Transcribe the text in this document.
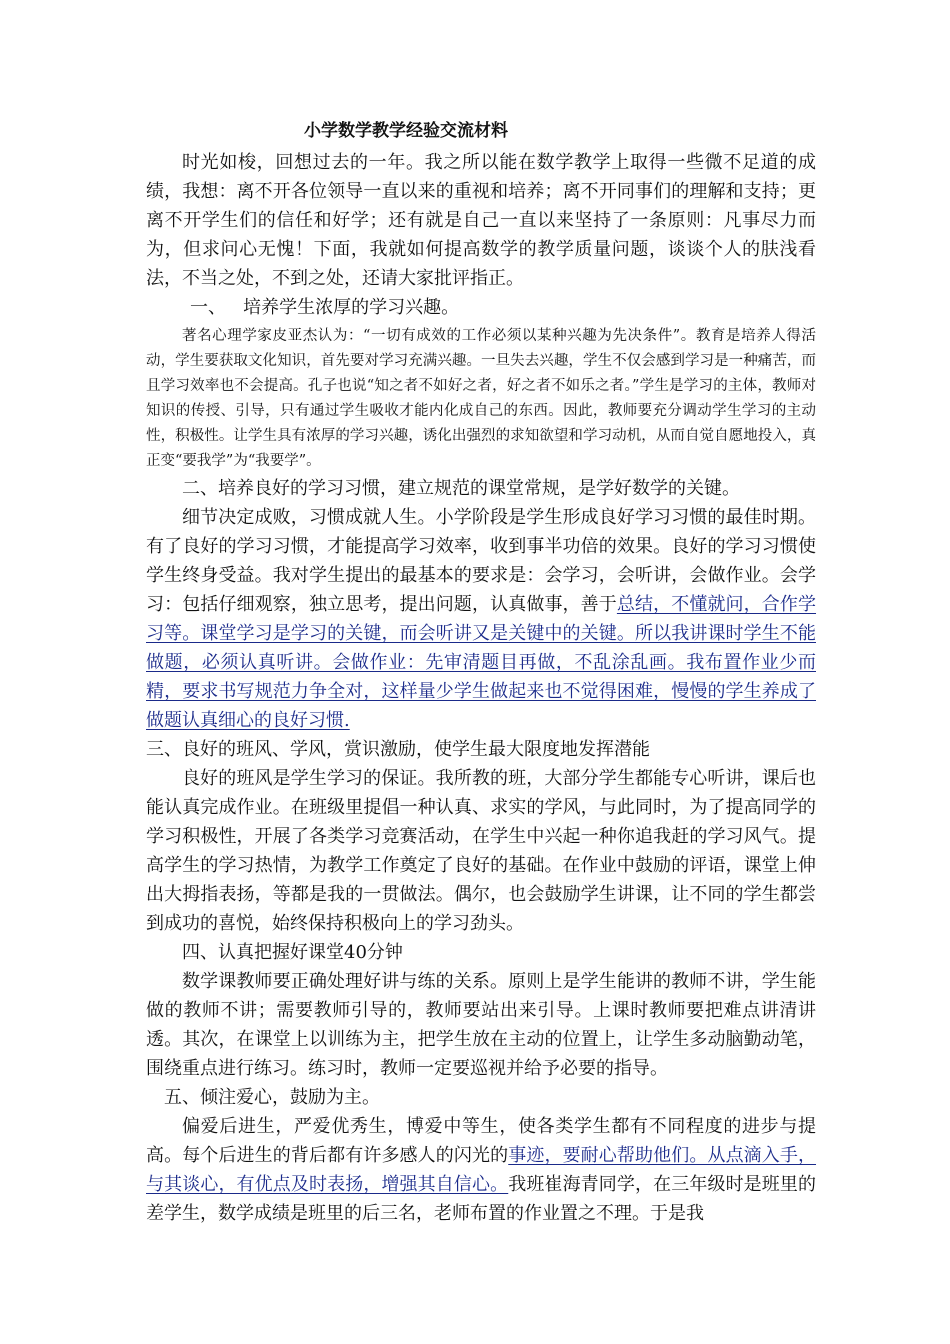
小学数学教学经验交流材料

时光如梭，回想过去的一年。我之所以能在数学教学上取得一些微不足道的成绩，我想：离不开各位领导一直以来的重视和培养；离不开同事们的理解和支持；更离不开学生们的信任和好学；还有就是自己一直以来坚持了一条原则：凡事尽力而为，但求问心无愧！下面，我就如何提高数学的教学质量问题，谈谈个人的肤浅看法，不当之处，不到之处，还请大家批评指正。

一、   培养学生浓厚的学习兴趣。

著名心理学家皮亚杰认为：“一切有成效的工作必须以某种兴趣为先决条件”。教育是培养人得活动，学生要获取文化知识，首先要对学习充满兴趣。一旦失去兴趣，学生不仅会感到学习是一种痛苦，而且学习效率也不会提高。孔子也说“知之者不如好之者，好之者不如乐之者。”学生是学习的主体，教师对知识的传授、引导，只有通过学生吸收才能内化成自己的东西。因此，教师要充分调动学生学习的主动性，积极性。让学生具有浓厚的学习兴趣，诱化出强烈的求知欲望和学习动机，从而自觉自愿地投入，真正变“要我学”为“我要学”。

二、培养良好的学习习惯，建立规范的课堂常规，是学好数学的关键。

细节决定成败，习惯成就人生。小学阶段是学生形成良好学习习惯的最佳时期。有了良好的学习习惯，才能提高学习效率，收到事半功倍的效果。良好的学习习惯使学生终身受益。我对学生提出的最基本的要求是：会学习，会听讲，会做作业。会学习：包括仔细观察，独立思考，提出问题，认真做事，善于总结，不懂就问，合作学习等。课堂学习是学习的关键，而会听讲又是关键中的关键。所以我讲课时学生不能做题，必须认真听讲。会做作业：先审清题目再做，不乱涂乱画。我布置作业少而精，要求书写规范力争全对，这样量少学生做起来也不觉得困难，慢慢的学生养成了做题认真细心的良好习惯.

三、良好的班风、学风，赏识激励，使学生最大限度地发挥潜能

良好的班风是学生学习的保证。我所教的班，大部分学生都能专心听讲，课后也能认真完成作业。在班级里提倡一种认真、求实的学风，与此同时，为了提高同学的学习积极性，开展了各类学习竞赛活动，在学生中兴起一种你追我赶的学习风气。提高学生的学习热情，为教学工作奠定了良好的基础。在作业中鼓励的评语，课堂上伸出大拇指表扬，等都是我的一贯做法。偶尔，也会鼓励学生讲课，让不同的学生都尝到成功的喜悦，始终保持积极向上的学习劲头。

四、认真把握好课堂40分钟

数学课教师要正确处理好讲与练的关系。原则上是学生能讲的教师不讲，学生能做的教师不讲；需要教师引导的，教师要站出来引导。上课时教师要把难点讲清讲透。其次，在课堂上以训练为主，把学生放在主动的位置上，让学生多动脑勤动笔，围绕重点进行练习。练习时，教师一定要巡视并给予必要的指导。

五、倾注爱心，鼓励为主。

偏爱后进生，严爱优秀生，博爱中等生，使各类学生都有不同程度的进步与提高。每个后进生的背后都有许多感人的闪光的事迹，要耐心帮助他们。从点滴入手，与其谈心，有优点及时表扬，增强其自信心。我班崔海青同学，在三年级时是班里的差学生，数学成绩是班里的后三名，老师布置的作业置之不理。于是我
